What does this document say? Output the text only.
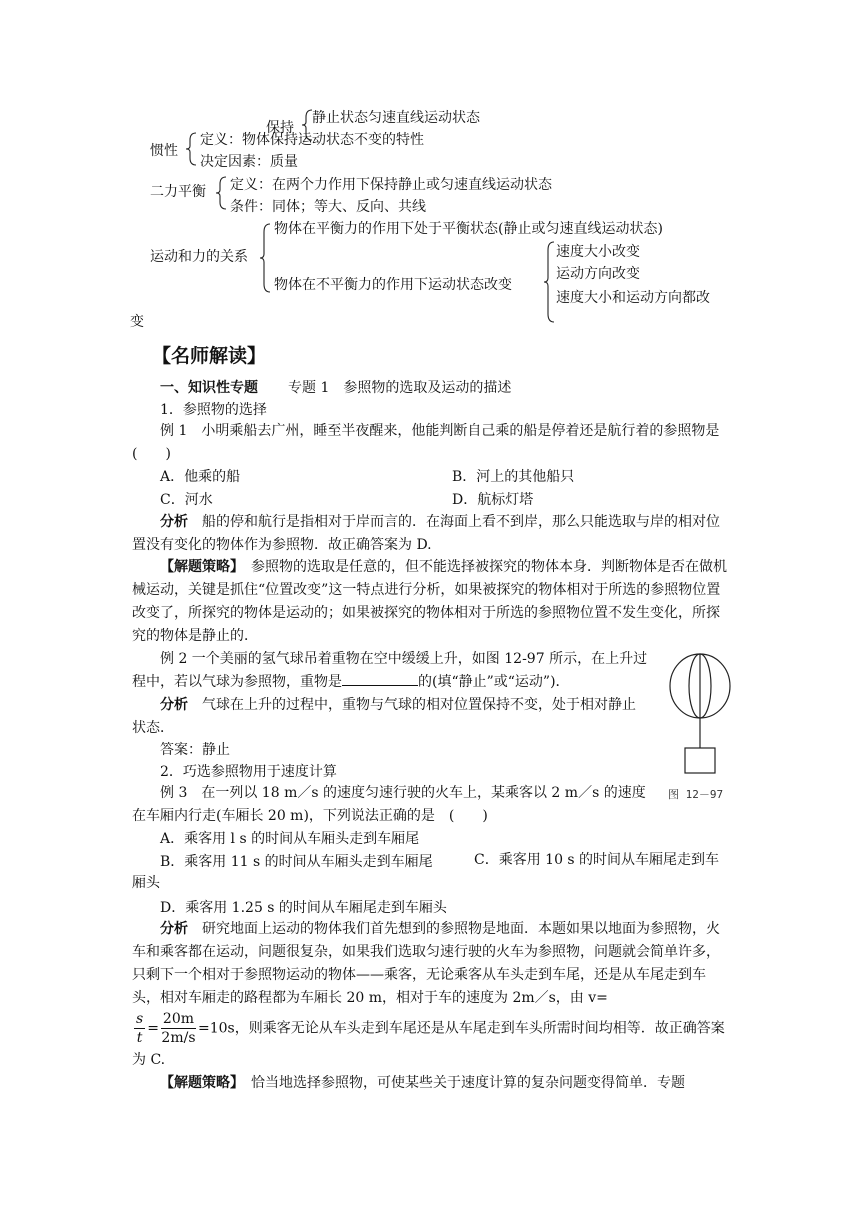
静止状态匀速直线运动状态
保持
惯性
定义：物体保持运动状态不变的特性
决定因素：质量
二力平衡 定义：在两个力作用下保持静止或匀速直线运动状态
条件：同体；等大、反向、共线
运动和力的关系
物体在平衡力的作用下处于平衡状态(静止或匀速直线运动状态)
物体在不平衡力的作用下运动状态改变
速度大小改变
运动方向改变
速度大小和运动方向都改
变
【名师解读】
一、知识性专题 专题 1　参照物的选取及运动的描述
1．参照物的选择
例 1　小明乘船去广州，睡至半夜醒来，他能判断自己乘的船是停着还是航行着的参照物是　　(　　)
A．他乘的船	B．河上的其他船只
C．河水	D．航标灯塔
分析　 船的停和航行是指相对于岸而言的．在海面上看不到岸，那么只能选取与岸的相对位置没有变化的物体作为参照物．故正确答案为 D.
【解题策略】　 参照物的选取是任意的，但不能选择被探究的物体本身．判断物体是否在做机械运动，关键是抓住“位置改变”这一特点进行分析，如果被探究的物体相对于所选的参照物位置改变了，所探究的物体是运动的；如果被探究的物体相对于所选的参照物位置不发生变化，所探究的物体是静止的．
例 2 一个美丽的氢气球吊着重物在空中缓缓上升，如图 12-97 所示，在上升过程中，若以气球为参照物，重物是	的(填“静止”或“运动”)．
分析　 气球在上升的过程中，重物与气球的相对位置保持不变，处于相对静止状态．
答案：静止
图 12－97
2．巧选参照物用于速度计算
例 3　在一列以 18 m／s 的速度匀速行驶的火车上，某乘客以 2 m／s 的速度在车厢内行走(车厢长 20 m)，下列说法正确的是　(　　)
A．乘客用 l s 的时间从车厢头走到车厢尾
B．乘客用 11 s 的时间从车厢头走到车厢尾	C．乘客用 10 s 的时间从车厢尾走到车厢头
D．乘客用 1.25 s 的时间从车厢尾走到车厢头
分析　 研究地面上运动的物体我们首先想到的参照物是地面．本题如果以地面为参照物，火车和乘客都在运动，问题很复杂，如果我们选取匀速行驶的火车为参照物，问题就会简单许多，只剩下一个相对于参照物运动的物体——乘客，无论乘客从车头走到车尾，还是从车尾走到车头，相对车厢走的路程都为车厢长 20 m，相对于车的速度为 2m／s，由 v=
$\frac{s}{t} = \frac{20m}{2m/s} =10s$，则乘客无论从车头走到车尾还是从车尾走到车头所需时间均相等．故正确答案为 C.
【解题策略】　 恰当地选择参照物，可使某些关于速度计算的复杂问题变得简单．专题
